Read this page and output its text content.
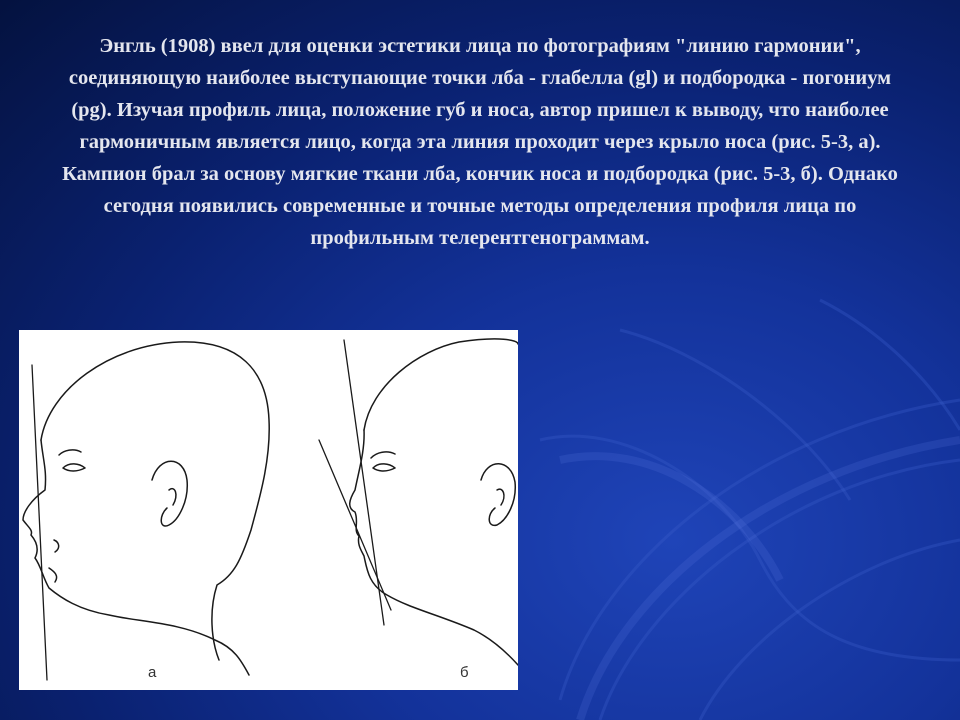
Энгль (1908) ввел для оценки эстетики лица по фотографиям "линию гармонии", соединяющую наиболее выступающие точки лба - глабелла (gl) и подбородка - погониум (pg). Изучая профиль лица, положение губ и носа, автор пришел к выводу, что наиболее гармоничным является лицо, когда эта линия проходит через крыло носа (рис. 5-3, а). Кампион брал за основу мягкие ткани лба, кончик носа и подбородка (рис. 5-3, б). Однако сегодня появились современные и точные методы определения профиля лица по профильным телерентгенограммам.

а	б
